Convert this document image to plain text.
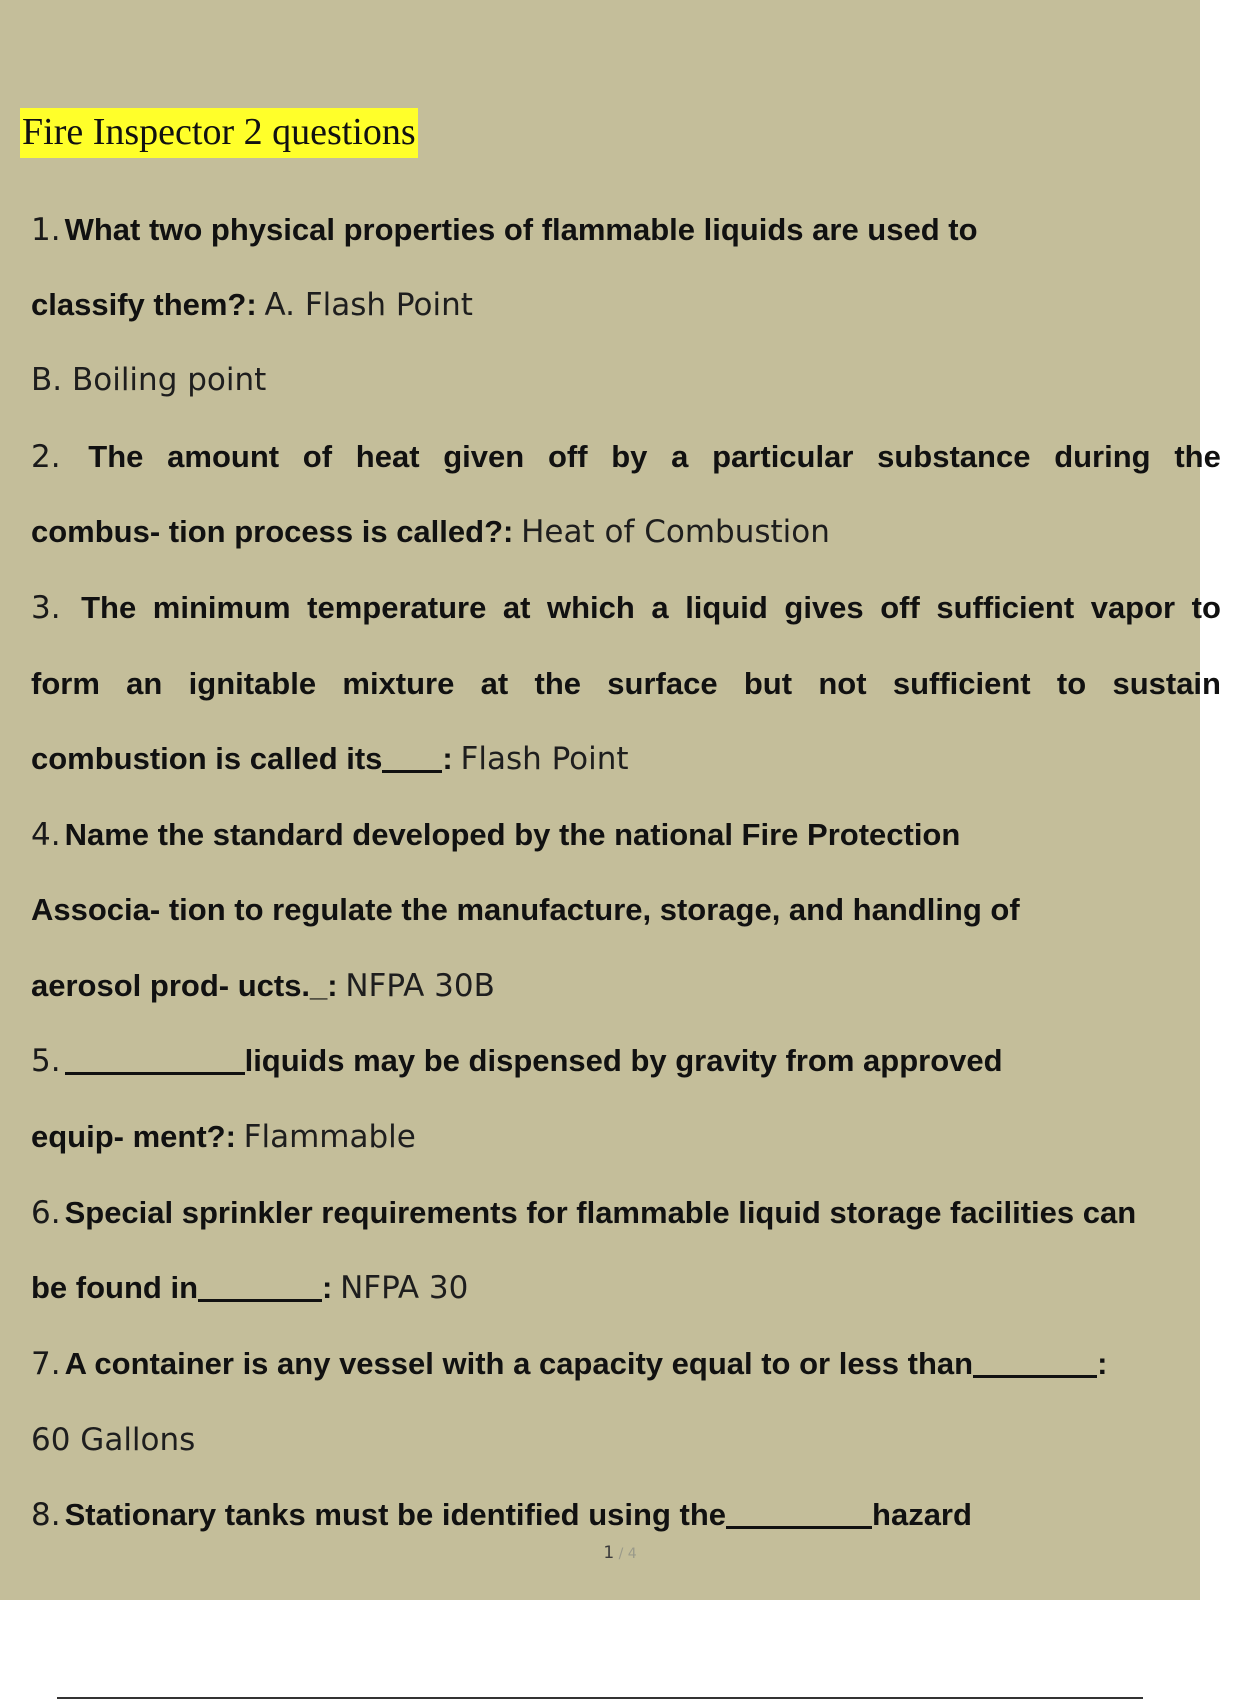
Fire Inspector 2 questions
1. What two physical properties of flammable liquids are used to
classify them?: A. Flash Point
B. Boiling point
2. The amount of heat given off by a particular substance during the
combus- tion process is called?: Heat of Combustion
3. The minimum temperature at which a liquid gives off sufficient vapor to
form an ignitable mixture at the surface but not sufficient to sustain
combustion is called its : Flash Point
4. Name the standard developed by the national Fire Protection
Associa- tion to regulate the manufacture, storage, and handling of
aerosol prod- ucts._: NFPA 30B
5.	liquids may be dispensed by gravity from approved
equip- ment?: Flammable
6. Special sprinkler requirements for flammable liquid storage facilities can
be found in	: NFPA 30
7. A container is any vessel with a capacity equal to or less than	:
60 Gallons
8. Stationary tanks must be identified using the	hazard
1 / 4
